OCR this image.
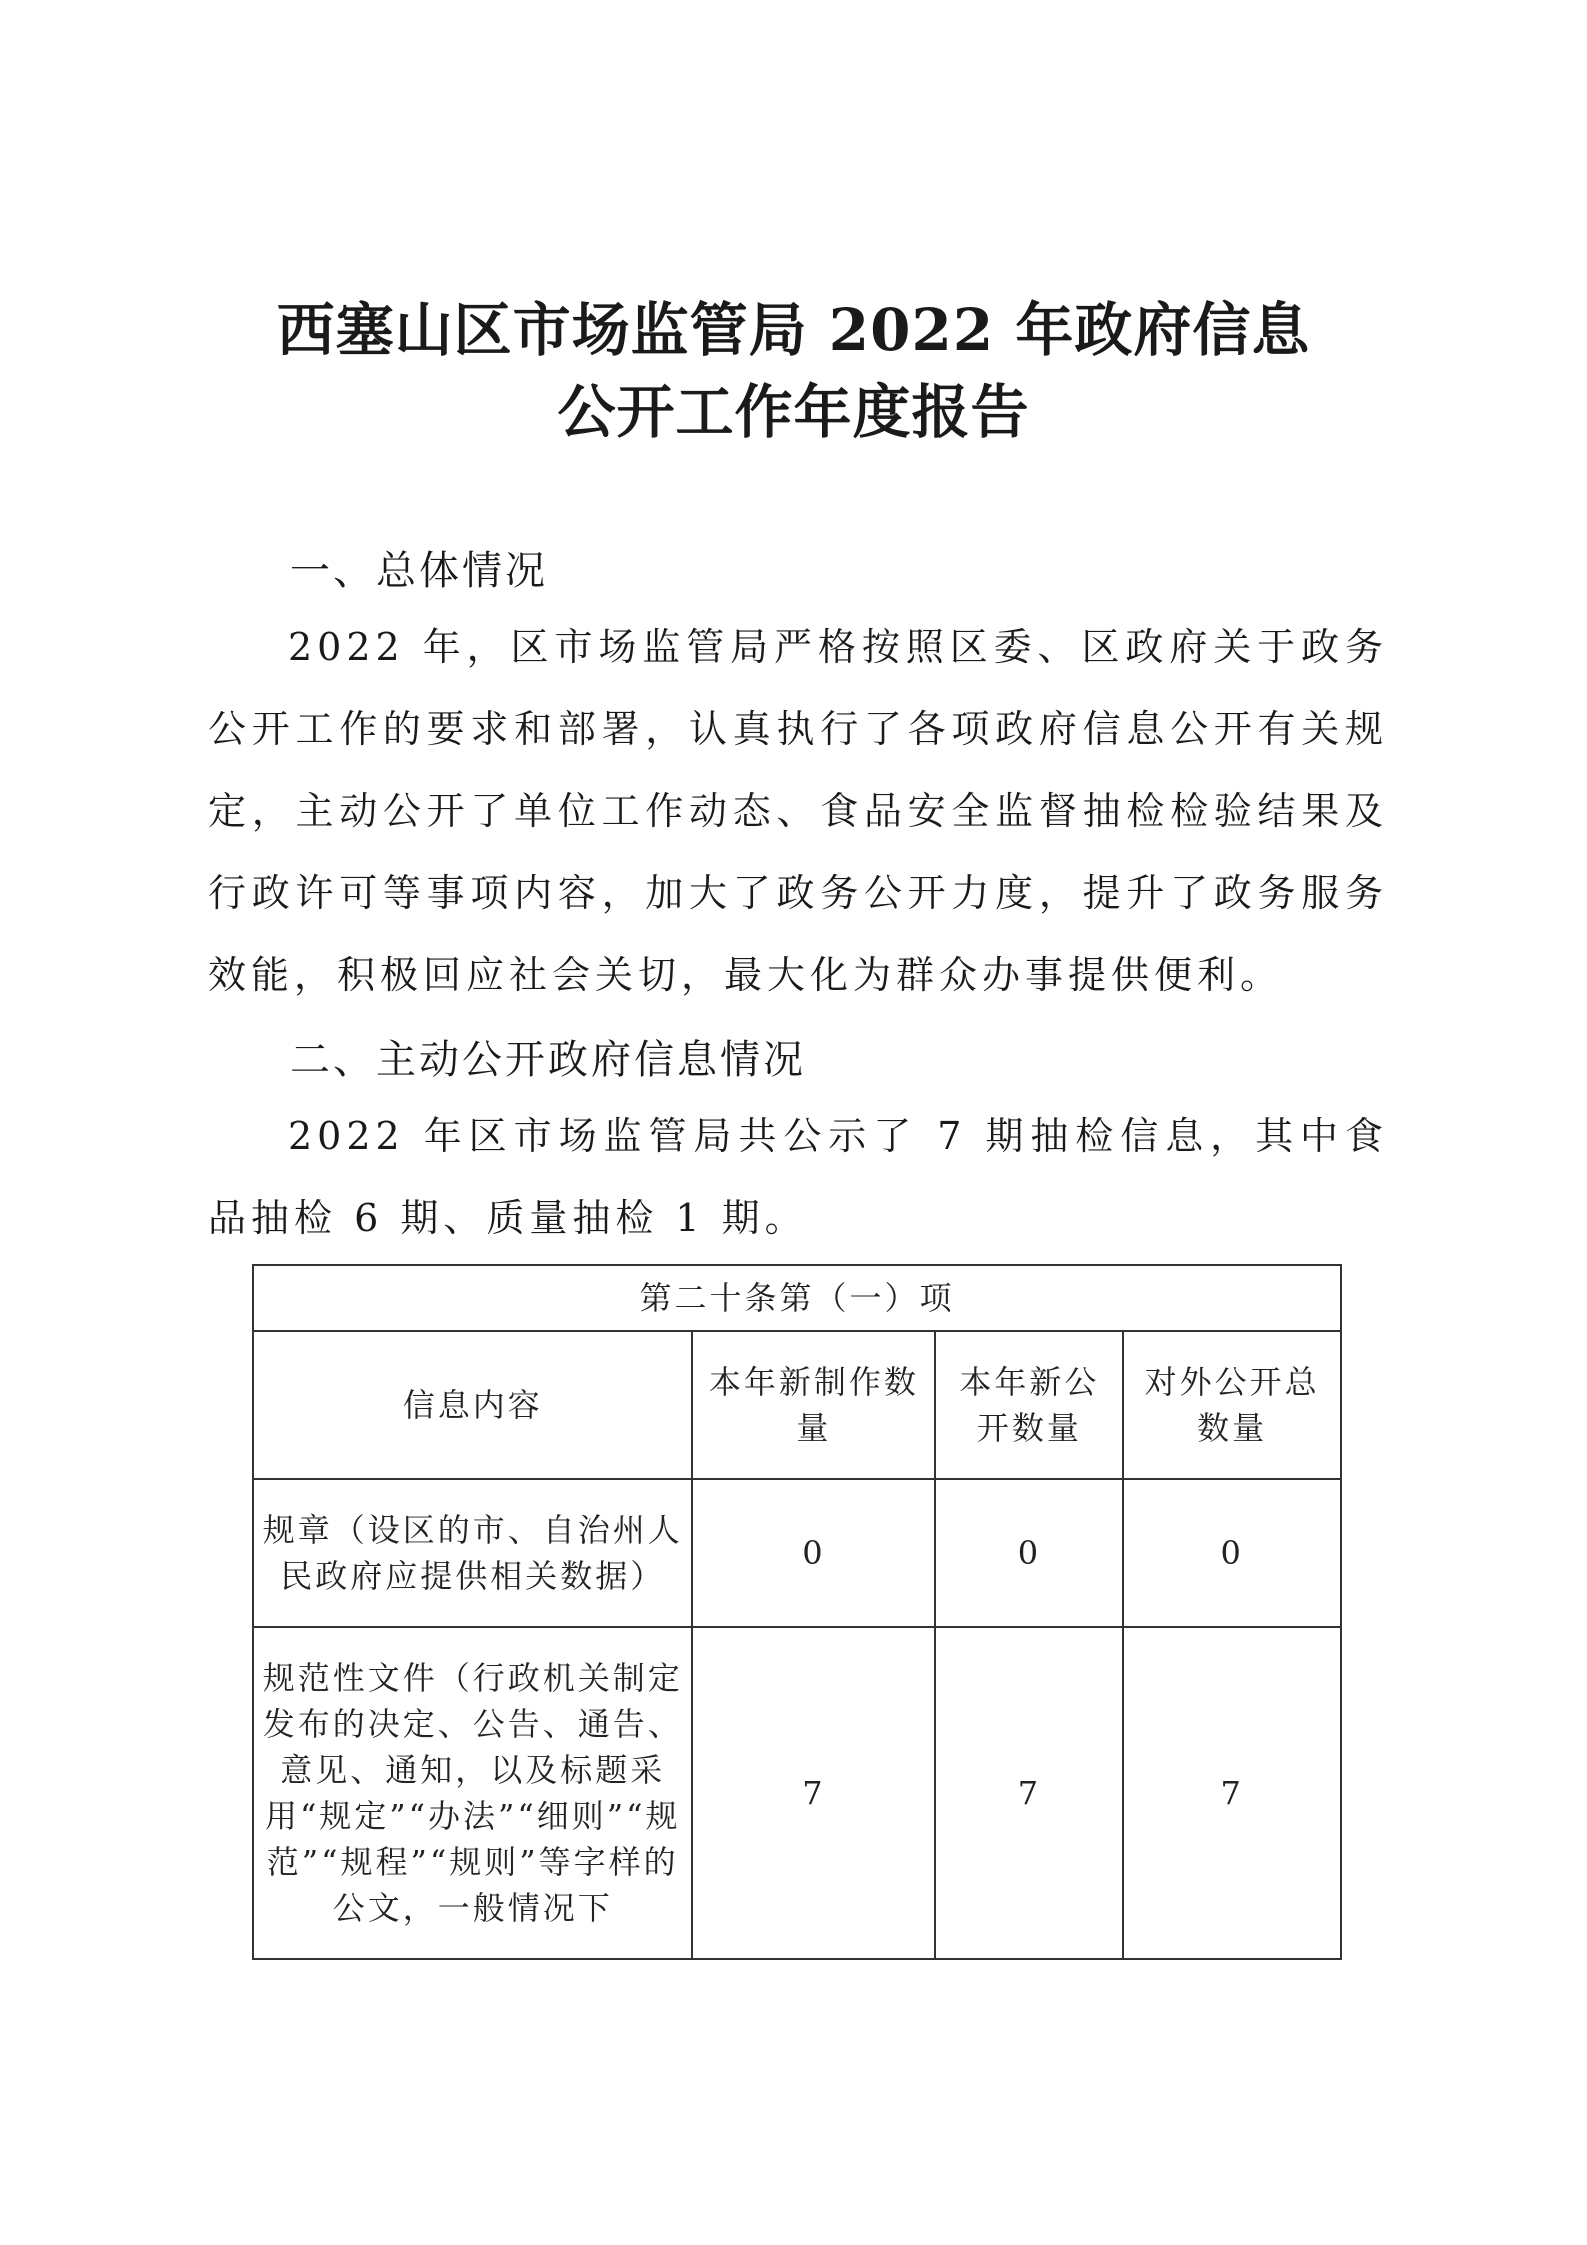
西塞山区市场监管局 2022 年政府信息
公开工作年度报告
一、总体情况
2022 年，区市场监管局严格按照区委、区政府关于政务公开工作的要求和部署，认真执行了各项政府信息公开有关规定，主动公开了单位工作动态、食品安全监督抽检检验结果及行政许可等事项内容，加大了政务公开力度，提升了政务服务效能，积极回应社会关切，最大化为群众办事提供便利。
二、主动公开政府信息情况
2022 年区市场监管局共公示了 7 期抽检信息，其中食品抽检 6 期、质量抽检 1 期。
第二十条第（一）项			
信息内容	本年新制作数量	本年新公开数量	对外公开总数量
规章（设区的市、自治州人民政府应提供相关数据）	0	0	0
规范性文件（行政机关制定发布的决定、公告、通告、意见、通知，以及标题采用“规定”“办法”“细则”“规范”“规程”“规则”等字样的公文，一般情况下	7	7	7
